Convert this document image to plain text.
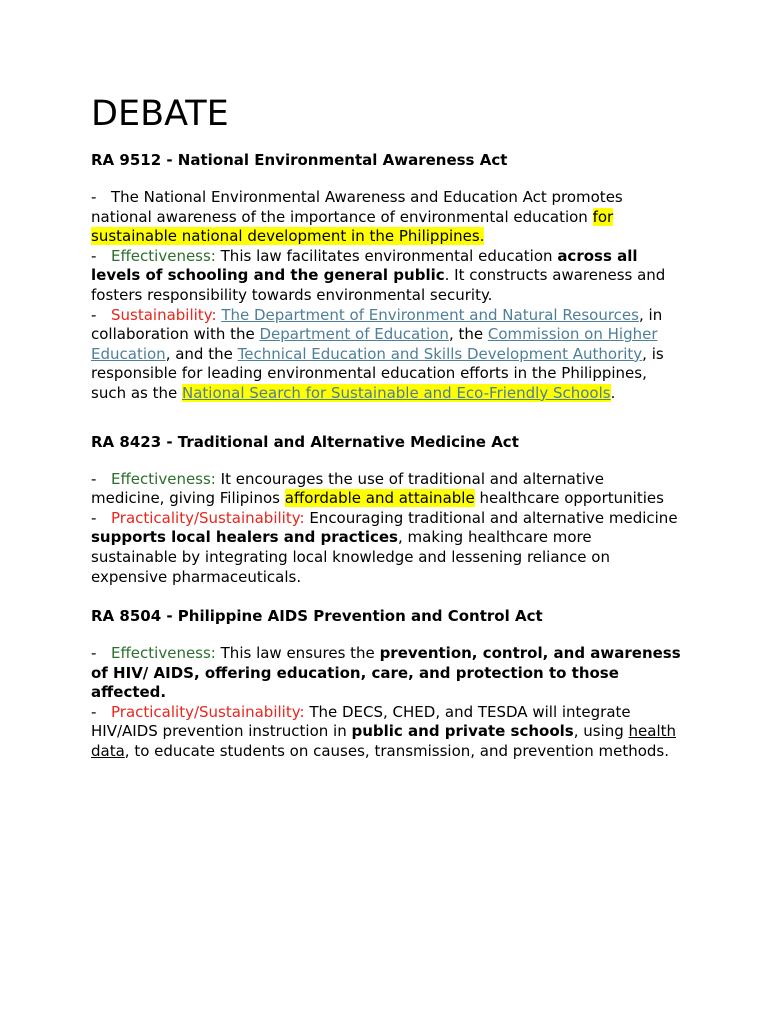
DEBATE

RA 9512 - National Environmental Awareness Act

- The National Environmental Awareness and Education Act promotes national awareness of the importance of environmental education for sustainable national development in the Philippines.

- Effectiveness: This law facilitates environmental education across all levels of schooling and the general public. It constructs awareness and fosters responsibility towards environmental security.

- Sustainability: The Department of Environment and Natural Resources, in collaboration with the Department of Education, the Commission on Higher Education, and the Technical Education and Skills Development Authority, is responsible for leading environmental education efforts in the Philippines, such as the National Search for Sustainable and Eco-Friendly Schools.

RA 8423 - Traditional and Alternative Medicine Act

- Effectiveness: It encourages the use of traditional and alternative medicine, giving Filipinos affordable and attainable healthcare opportunities

- Practicality/Sustainability: Encouraging traditional and alternative medicine supports local healers and practices, making healthcare more sustainable by integrating local knowledge and lessening reliance on expensive pharmaceuticals.

RA 8504 - Philippine AIDS Prevention and Control Act

- Effectiveness: This law ensures the prevention, control, and awareness of HIV/ AIDS, offering education, care, and protection to those affected.

- Practicality/Sustainability: The DECS, CHED, and TESDA will integrate HIV/AIDS prevention instruction in public and private schools, using health data, to educate students on causes, transmission, and prevention methods.
